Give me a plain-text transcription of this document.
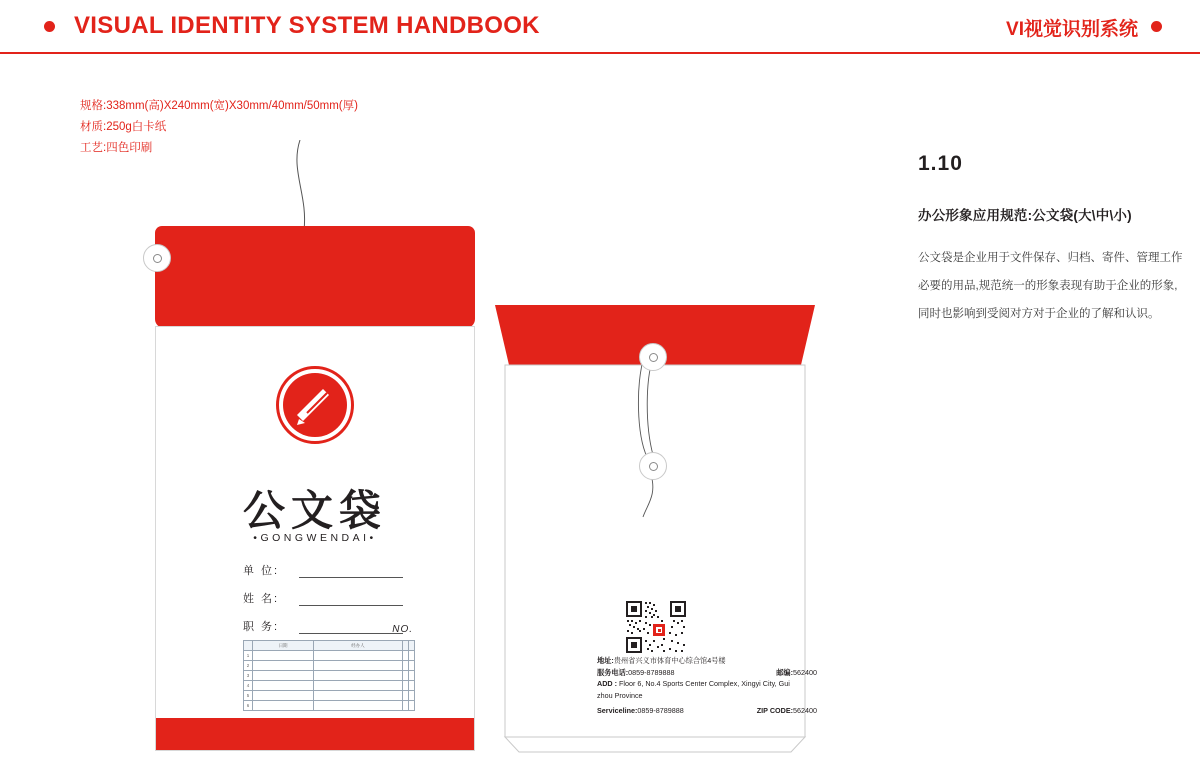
VISUAL IDENTITY SYSTEM HANDBOOK	VI视觉识别系统
规格:338mm(高)X240mm(宽)X30mm/40mm/50mm(厚)
材质:250g白卡纸
工艺:四色印刷
1.10
办公形象应用规范:公文袋(大\中\小)
公文袋是企业用于文件保存、归档、寄件、管理工作
必要的用品,规范统一的形象表现有助于企业的形象,
同时也影响到受阅对方对于企业的了解和认识。
公文袋
•GONGWENDAI•
单 位:
姓 名:
职 务:	NO.
	日期	经办人		
1				
2				
3				
4				
5				
6				
地址:贵州省兴义市体育中心综合馆4号楼
服务电话:0859-8789888	邮编:562400
ADD : Floor 6, No.4 Sports Center Complex, Xingyi City, Gui
zhou Province
Serviceline:0859-8789888	ZIP CODE:562400
